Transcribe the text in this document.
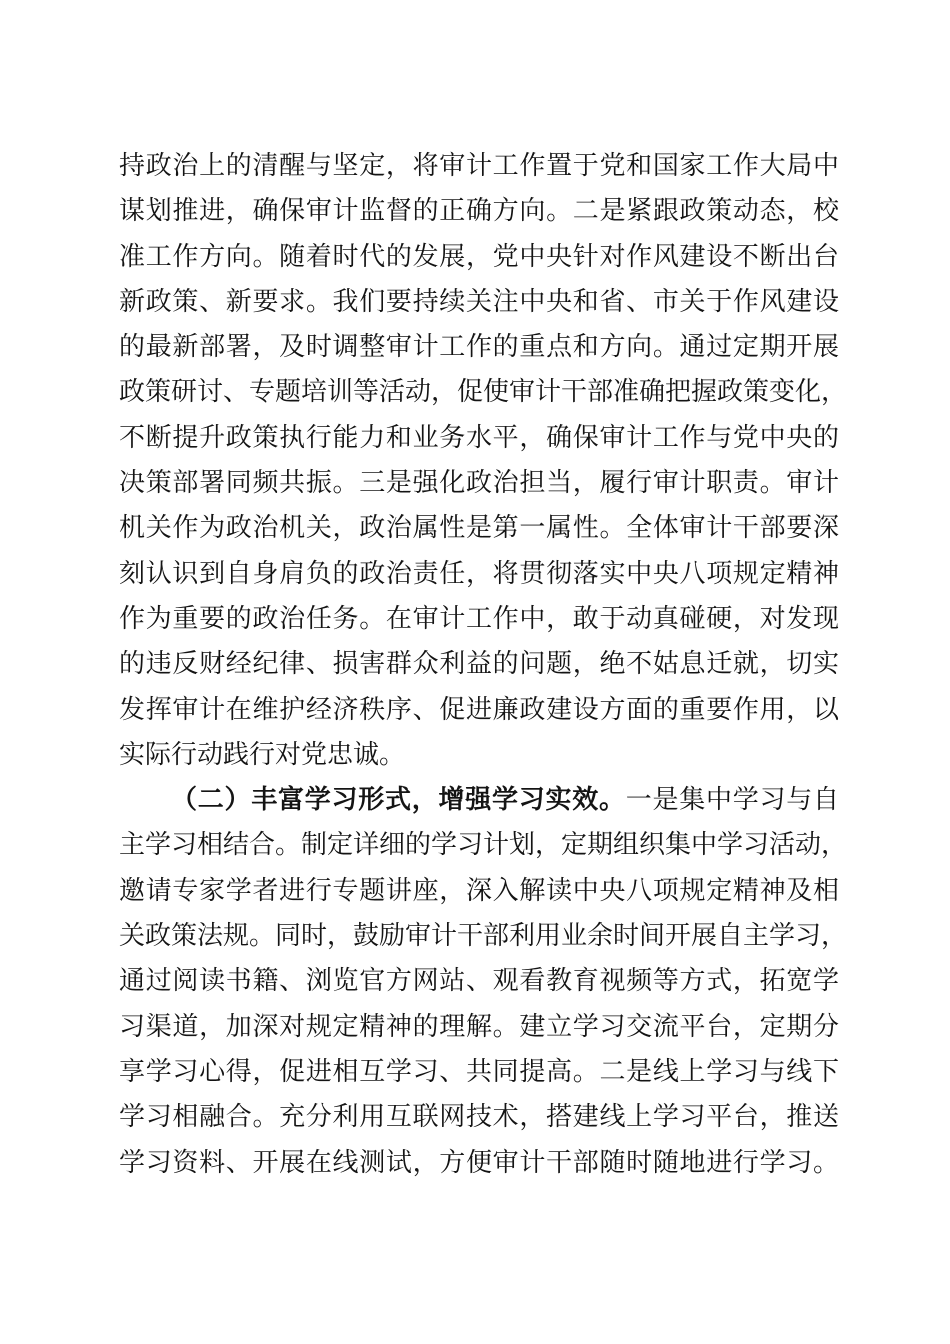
持政治上的清醒与坚定，将审计工作置于党和国家工作大局中
谋划推进，确保审计监督的正确方向。二是紧跟政策动态，校
准工作方向。随着时代的发展，党中央针对作风建设不断出台
新政策、新要求。我们要持续关注中央和省、市关于作风建设
的最新部署，及时调整审计工作的重点和方向。通过定期开展
政策研讨、专题培训等活动，促使审计干部准确把握政策变化，
不断提升政策执行能力和业务水平，确保审计工作与党中央的
决策部署同频共振。三是强化政治担当，履行审计职责。审计
机关作为政治机关，政治属性是第一属性。全体审计干部要深
刻认识到自身肩负的政治责任，将贯彻落实中央八项规定精神
作为重要的政治任务。在审计工作中，敢于动真碰硬，对发现
的违反财经纪律、损害群众利益的问题，绝不姑息迁就，切实
发挥审计在维护经济秩序、促进廉政建设方面的重要作用，以
实际行动践行对党忠诚。
（二）丰富学习形式，增强学习实效。一是集中学习与自
主学习相结合。制定详细的学习计划，定期组织集中学习活动，
邀请专家学者进行专题讲座，深入解读中央八项规定精神及相
关政策法规。同时，鼓励审计干部利用业余时间开展自主学习，
通过阅读书籍、浏览官方网站、观看教育视频等方式，拓宽学
习渠道，加深对规定精神的理解。建立学习交流平台，定期分
享学习心得，促进相互学习、共同提高。二是线上学习与线下
学习相融合。充分利用互联网技术，搭建线上学习平台，推送
学习资料、开展在线测试，方便审计干部随时随地进行学习。
